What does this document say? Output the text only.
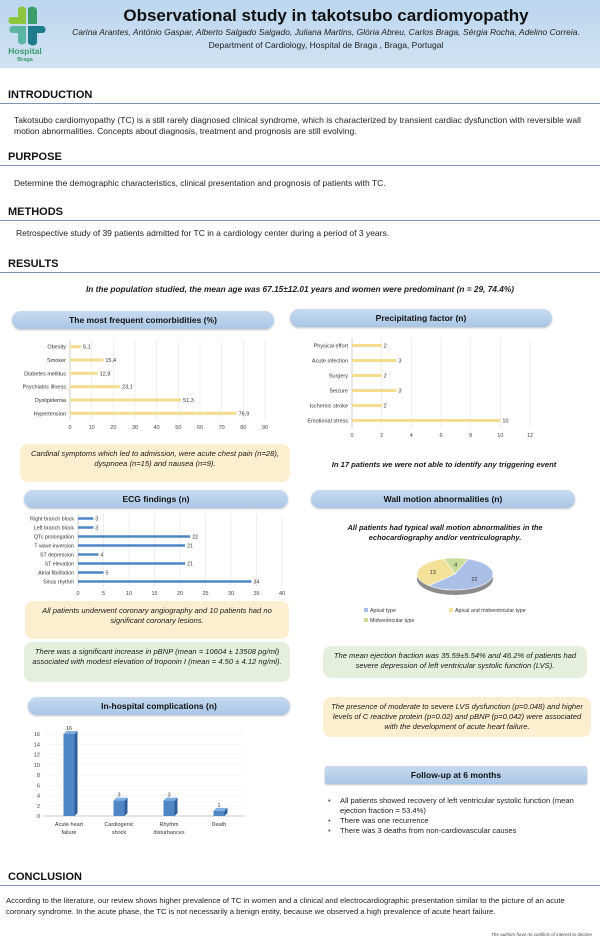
Hospital
Braga
Observational study in takotsubo cardiomyopathy
Carina Arantes, António Gaspar, Alberto Salgado Salgado, Juliana Martins, Glória Abreu, Carlos Braga, Sérgia Rocha, Adelino Correia.
Department of Cardiology, Hospital de Braga , Braga, Portugal
INTRODUCTION
Takotsubo cardiomyopathy (TC) is a still rarely diagnosed clinical syndrome, which is characterized by transient cardiac dysfunction with reversible wall motion abnormalities. Concepts about diagnosis, treatment and prognosis are still evolving.
PURPOSE
Determine the demographic characteristics, clinical presentation and prognosis of patients with TC.
METHODS
Retrospective study of 39 patients admitted for TC in a cardiology center during a period of 3 years.
RESULTS
In the population studied, the mean age was 67.15±12.01 years and women were predominant (n = 29, 74.4%)
The most frequent comorbidities (%)	Precipitating factor (n)
0	10	20	30	40	50	60	70	80	90
Obesity	5,1
Smoker	15,4
Diabetes mellitus	12,8
Psychiatric illness	23,1
Dyslipidemia	51,3
Hypertension	76,9
0	2	4	6	8	10	12
Physical effort	2
Acute infection	3
Surgery	2
Seizure	3
Ischemic stroke	2
Emotional stress	10
Cardinal symptoms which led to admission, were acute chest pain (n=28), dyspnoea (n=15) and nausea (n=9).	In 17 patients we were not able to identify any triggering event
ECG findings (n)	Wall motion abnormalities (n)
0	5	10	15	20	25	30	35	40
Right branch block	3
Left branch block	3
QTc prolongation	22
T wave inversion	21
ST depression	4
ST elevation	21
Atrial fibrillation	5
Sinus rhythm	34
All patients had typical wall motion abnormalities in the echocardiography and/or ventriculography.
22
13
4
Apical type	Apical and midventricular type
Midventricular type
All patients underwent coronary angiography and 10 patients had no significant coronary lesions.
There was a significant increase in pBNP (mean = 10604 ± 13508 pg/ml) associated with modest elevation of troponin I (mean = 4.50 ± 4.12 ng/ml).
The mean ejection fraction was 35.59±5.54% and 46.2% of patients had severe depression of left ventricular systolic function (LVS).
In-hospital complications (n)
0
2
4
6
8
10
12
14
16
16
Acute heart
failure
3
Cardiogenic
shock
3
Rhythm
disturbances
1
Death
The presence of moderate to severe LVS dysfunction (p=0.048) and higher levels of C reactive protein (p=0.02) and pBNP (p=0.042) were associated with the development of acute heart failure.
Follow-up at 6 months
• All patients showed recovery of left ventricular systolic function (mean ejection fraction = 53.4%)
• There was one recurrence
• There was 3 deaths from non-cardiovascular causes
CONCLUSION
According to the literature, our review shows higher prevalence of TC in women and a clinical and electrocardiographic presentation similar to the picture of an acute coronary syndrome. In the acute phase, the TC is not necessarily a benign entity, because we observed a high prevalence of acute heart failure.
The authors have no conflicts of interest to declare
